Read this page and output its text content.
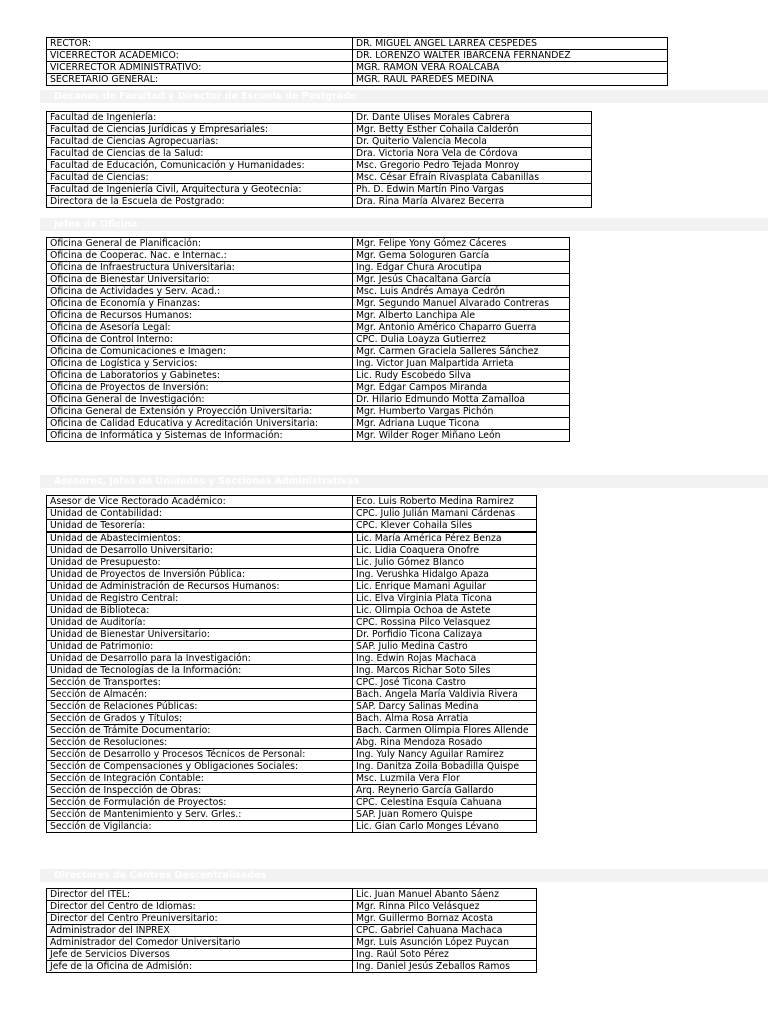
RECTOR:	DR. MIGUEL ANGEL LARREA CESPEDES
VICERRECTOR ACADEMICO:	DR. LORENZO WALTER IBARCENA FERNANDEZ
VICERRECTOR ADMINISTRATIVO:	MGR. RAMON VERA ROALCABA
SECRETARIO GENERAL:	MGR. RAUL PAREDES MEDINA
Decanos de Facultad y Director de Escuela de Postgrado
Facultad de Ingeniería:	Dr. Dante Ulises Morales Cabrera
Facultad de Ciencias Jurídicas y Empresariales:	Mgr. Betty Esther Cohaila Calderón
Facultad de Ciencias Agropecuarias:	Dr. Quiterio Valencia Mecola
Facultad de Ciencias de la Salud:	Dra. Victoria Nora Vela de Córdova
Facultad de Educación, Comunicación y Humanidades:	Msc. Gregorio Pedro Tejada Monroy
Facultad de Ciencias:	Msc. César Efraín Rivasplata Cabanillas
Facultad de Ingeniería Civil, Arquitectura y Geotecnia:	Ph. D. Edwin Martín Pino Vargas
Directora de la Escuela de Postgrado:	Dra. Rina María Alvarez Becerra
Jefes de Oficina
Oficina General de Planificación:	Mgr. Felipe Yony Gómez Cáceres
Oficina de Cooperac. Nac. e Internac.:	Mgr. Gema Sologuren García
Oficina de Infraestructura Universitaria:	Ing. Edgar Chura Arocutipa
Oficina de Bienestar Universitario:	Mgr. Jesús Chacaltana García
Oficina de Actividades y Serv. Acad.:	Msc. Luis Andrés Amaya Cedrón
Oficina de Economía y Finanzas:	Mgr. Segundo Manuel Alvarado Contreras
Oficina de Recursos Humanos:	Mgr. Alberto Lanchipa Ale
Oficina de Asesoría Legal:	Mgr. Antonio Américo Chaparro Guerra
Oficina de Control Interno:	CPC. Dulia Loayza Gutierrez
Oficina de Comunicaciones e Imagen:	Mgr. Carmen Graciela Salleres Sánchez
Oficina de Logística y Servicios:	Ing. Victor Juan Malpartida Arrieta
Oficina de Laboratorios y Gabinetes:	Lic. Rudy Escobedo Silva
Oficina de Proyectos de Inversión:	Mgr. Edgar Campos Miranda
Oficina General de Investigación:	Dr. Hilario Edmundo Motta Zamalloa
Oficina General de Extensión y Proyección Universitaria:	Mgr. Humberto Vargas Pichón
Oficina de Calidad Educativa y Acreditación Universitaria:	Mgr. Adriana Luque Ticona
Oficina de Informática y Sistemas de Información:	Mgr. Wilder Roger Miñano León
Asesores, Jefes de Unidades y Secciones Administrativas
Asesor de Vice Rectorado Académico:	Eco. Luis Roberto Medina Ramirez
Unidad de Contabilidad:	CPC. Julio Julián Mamani Cárdenas
Unidad de Tesorería:	CPC. Klever Cohaila Siles
Unidad de Abastecimientos:	Lic. María América Pérez Benza
Unidad de Desarrollo Universitario:	Lic. Lidia Coaquera Onofre
Unidad de Presupuesto:	Lic. Julio Gómez Blanco
Unidad de Proyectos de Inversión Pública:	Ing. Verushka Hidalgo Apaza
Unidad de Administración de Recursos Humanos:	Lic. Enrique Mamani Aguilar
Unidad de Registro Central:	Lic. Elva Virginia Plata Ticona
Unidad de Biblioteca:	Lic. Olimpia Ochoa de Astete
Unidad de Auditoría:	CPC. Rossina Pilco Velasquez
Unidad de Bienestar Universitario:	Dr. Porfidio Ticona Calizaya
Unidad de Patrimonio:	SAP. Julio Medina Castro
Unidad de Desarrollo para la Investigación:	Ing. Edwin Rojas Machaca
Unidad de Tecnologías de la Información:	Ing. Marcos Richar Soto Siles
Sección de Transportes:	CPC. José Ticona Castro
Sección de Almacén:	Bach. Angela María Valdivia Rivera
Sección de Relaciones Públicas:	SAP. Darcy Salinas Medina
Sección de Grados y Títulos:	Bach. Alma Rosa Arratia
Sección de Trámite Documentario:	Bach. Carmen Olimpia Flores Allende
Sección de Resoluciones:	Abg. Rina Mendoza Rosado
Sección de Desarrollo y Procesos Técnicos de Personal:	Ing. Yuly Nancy Aguilar Ramirez
Sección de Compensaciones y Obligaciones Sociales:	Ing. Danitza Zoila Bobadilla Quispe
Sección de Integración Contable:	Msc. Luzmila Vera Flor
Sección de Inspección de Obras:	Arq. Reynerio García Gallardo
Sección de Formulación de Proyectos:	CPC. Celestina Esquía Cahuana
Sección de Mantenimiento y Serv. Grles.:	SAP. Juan Romero Quispe
Sección de Vigilancia:	Lic. Gian Carlo Monges Lévano
Directores de Centros Descentralizados
Director del ITEL:	Lic. Juan Manuel Abanto Sáenz
Director del Centro de Idiomas:	Mgr. Rinna Pilco Velásquez
Director del Centro Preuniversitario:	Mgr. Guillermo Bornaz Acosta
Administrador del INPREX	CPC. Gabriel Cahuana Machaca
Administrador del Comedor Universitario	Mgr. Luis Asunción López Puycan
Jefe de Servicios Diversos	Ing. Raúl Soto Pérez
Jefe de la Oficina de Admisión:	Ing. Daniel Jesús Zeballos Ramos
